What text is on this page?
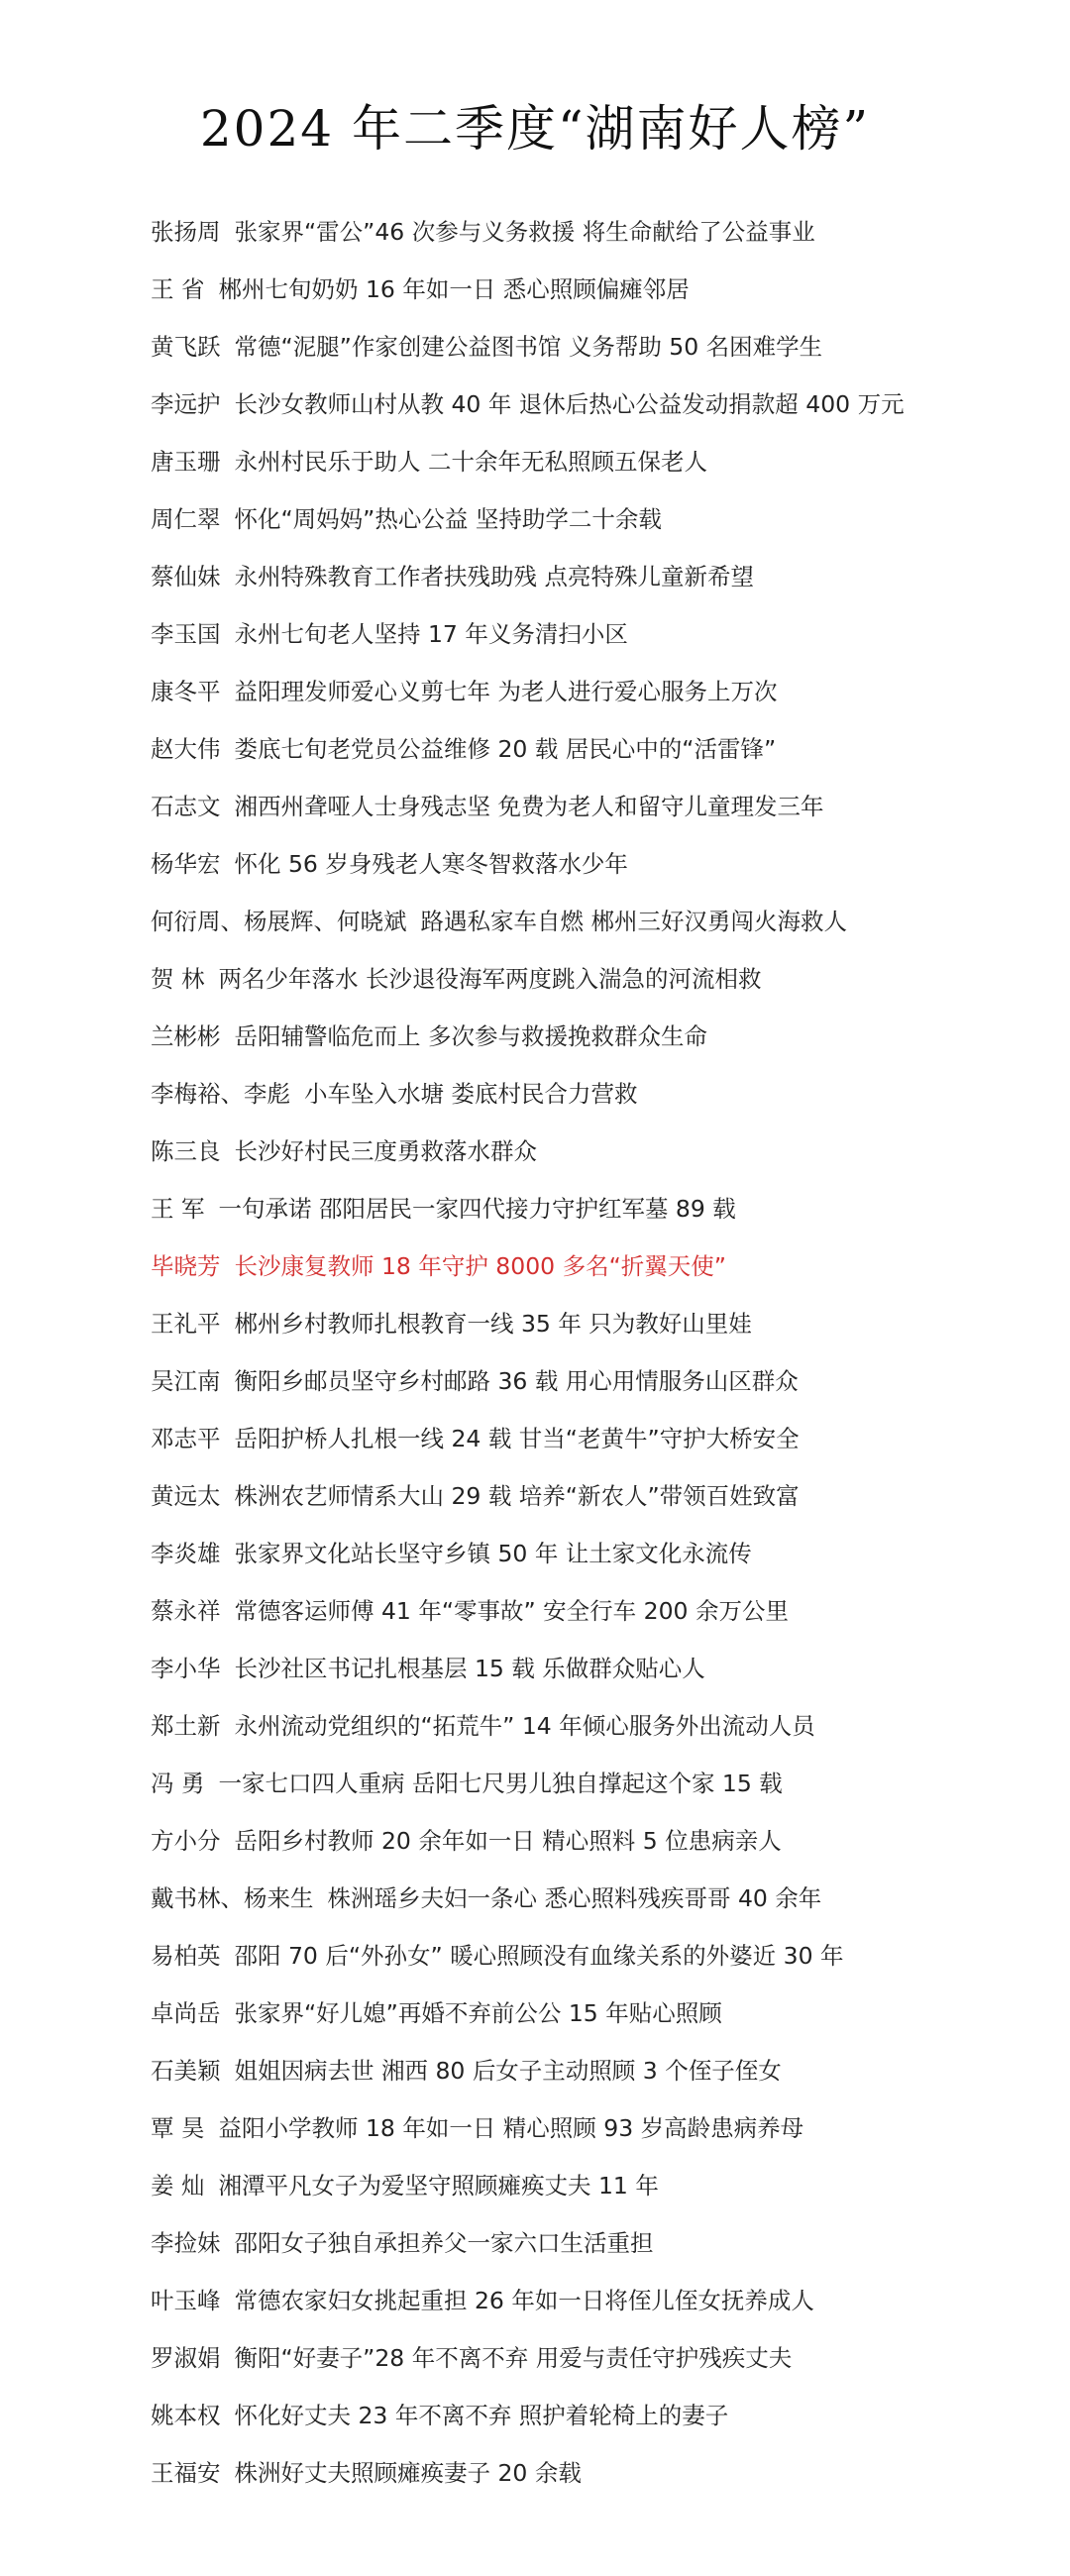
2024 年二季度“湖南好人榜”
张扬周 张家界“雷公”46 次参与义务救援 将生命献给了公益事业
王 省 郴州七旬奶奶 16 年如一日 悉心照顾偏瘫邻居
黄飞跃 常德“泥腿”作家创建公益图书馆 义务帮助 50 名困难学生
李远护 长沙女教师山村从教 40 年 退休后热心公益发动捐款超 400 万元
唐玉珊 永州村民乐于助人 二十余年无私照顾五保老人
周仁翠 怀化“周妈妈”热心公益 坚持助学二十余载
蔡仙妹 永州特殊教育工作者扶残助残 点亮特殊儿童新希望
李玉国 永州七旬老人坚持 17 年义务清扫小区
康冬平 益阳理发师爱心义剪七年 为老人进行爱心服务上万次
赵大伟 娄底七旬老党员公益维修 20 载 居民心中的“活雷锋”
石志文 湘西州聋哑人士身残志坚 免费为老人和留守儿童理发三年
杨华宏 怀化 56 岁身残老人寒冬智救落水少年
何衍周、杨展辉、何晓斌 路遇私家车自燃 郴州三好汉勇闯火海救人
贺 林 两名少年落水 长沙退役海军两度跳入湍急的河流相救
兰彬彬 岳阳辅警临危而上 多次参与救援挽救群众生命
李梅裕、李彪 小车坠入水塘 娄底村民合力营救
陈三良 长沙好村民三度勇救落水群众
王 军 一句承诺 邵阳居民一家四代接力守护红军墓 89 载
毕晓芳 长沙康复教师 18 年守护 8000 多名“折翼天使”
王礼平 郴州乡村教师扎根教育一线 35 年 只为教好山里娃
吴江南 衡阳乡邮员坚守乡村邮路 36 载 用心用情服务山区群众
邓志平 岳阳护桥人扎根一线 24 载 甘当“老黄牛”守护大桥安全
黄远太 株洲农艺师情系大山 29 载 培养“新农人”带领百姓致富
李炎雄 张家界文化站长坚守乡镇 50 年 让土家文化永流传
蔡永祥 常德客运师傅 41 年“零事故” 安全行车 200 余万公里
李小华 长沙社区书记扎根基层 15 载 乐做群众贴心人
郑土新 永州流动党组织的“拓荒牛” 14 年倾心服务外出流动人员
冯 勇 一家七口四人重病 岳阳七尺男儿独自撑起这个家 15 载
方小分 岳阳乡村教师 20 余年如一日 精心照料 5 位患病亲人
戴书林、杨来生 株洲瑶乡夫妇一条心 悉心照料残疾哥哥 40 余年
易柏英 邵阳 70 后“外孙女” 暖心照顾没有血缘关系的外婆近 30 年
卓尚岳 张家界“好儿媳”再婚不弃前公公 15 年贴心照顾
石美颖 姐姐因病去世 湘西 80 后女子主动照顾 3 个侄子侄女
覃 昊 益阳小学教师 18 年如一日 精心照顾 93 岁高龄患病养母
姜 灿 湘潭平凡女子为爱坚守照顾瘫痪丈夫 11 年
李捡妹 邵阳女子独自承担养父一家六口生活重担
叶玉峰 常德农家妇女挑起重担 26 年如一日将侄儿侄女抚养成人
罗淑娟 衡阳“好妻子”28 年不离不弃 用爱与责任守护残疾丈夫
姚本权 怀化好丈夫 23 年不离不弃 照护着轮椅上的妻子
王福安 株洲好丈夫照顾瘫痪妻子 20 余载
